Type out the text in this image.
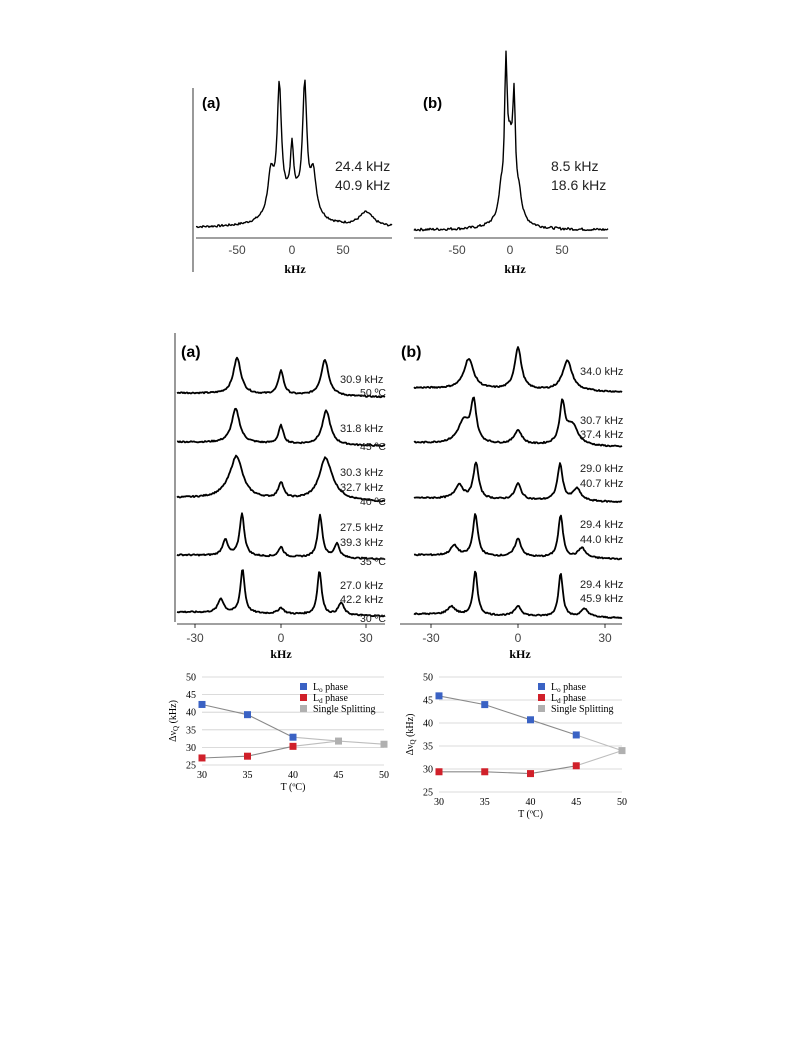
(a)
24.4 kHz
40.9 kHz
-50	0	50
kHz
(b)
8.5 kHz
18.6 kHz
-50	0	50
kHz
(a)	(b)
30.9 kHz
50 ºC
31.8 kHz
45 ºC
30.3 kHz
32.7 kHz
40 ºC
27.5 kHz
39.3 kHz
35 ºC
27.0 kHz
42.2 kHz
30 ºC
34.0 kHz
30.7 kHz
37.4 kHz
29.0 kHz
40.7 kHz
29.4 kHz
44.0 kHz
29.4 kHz
45.9 kHz
-30	0	30	-30	0	30
kHz	kHz
25
30
35
40
45
50
30	35	40	45	50
T (ºC)
$\Delta\nu_Q$ (kHz)
$L_o$ phase
$L_d$ phase
Single Splitting
25
30
35
40
45
50
30	35	40	45	50
T (ºC)
$\Delta\nu_Q$ (kHz)
$L_o$ phase
$L_d$ phase
Single Splitting
